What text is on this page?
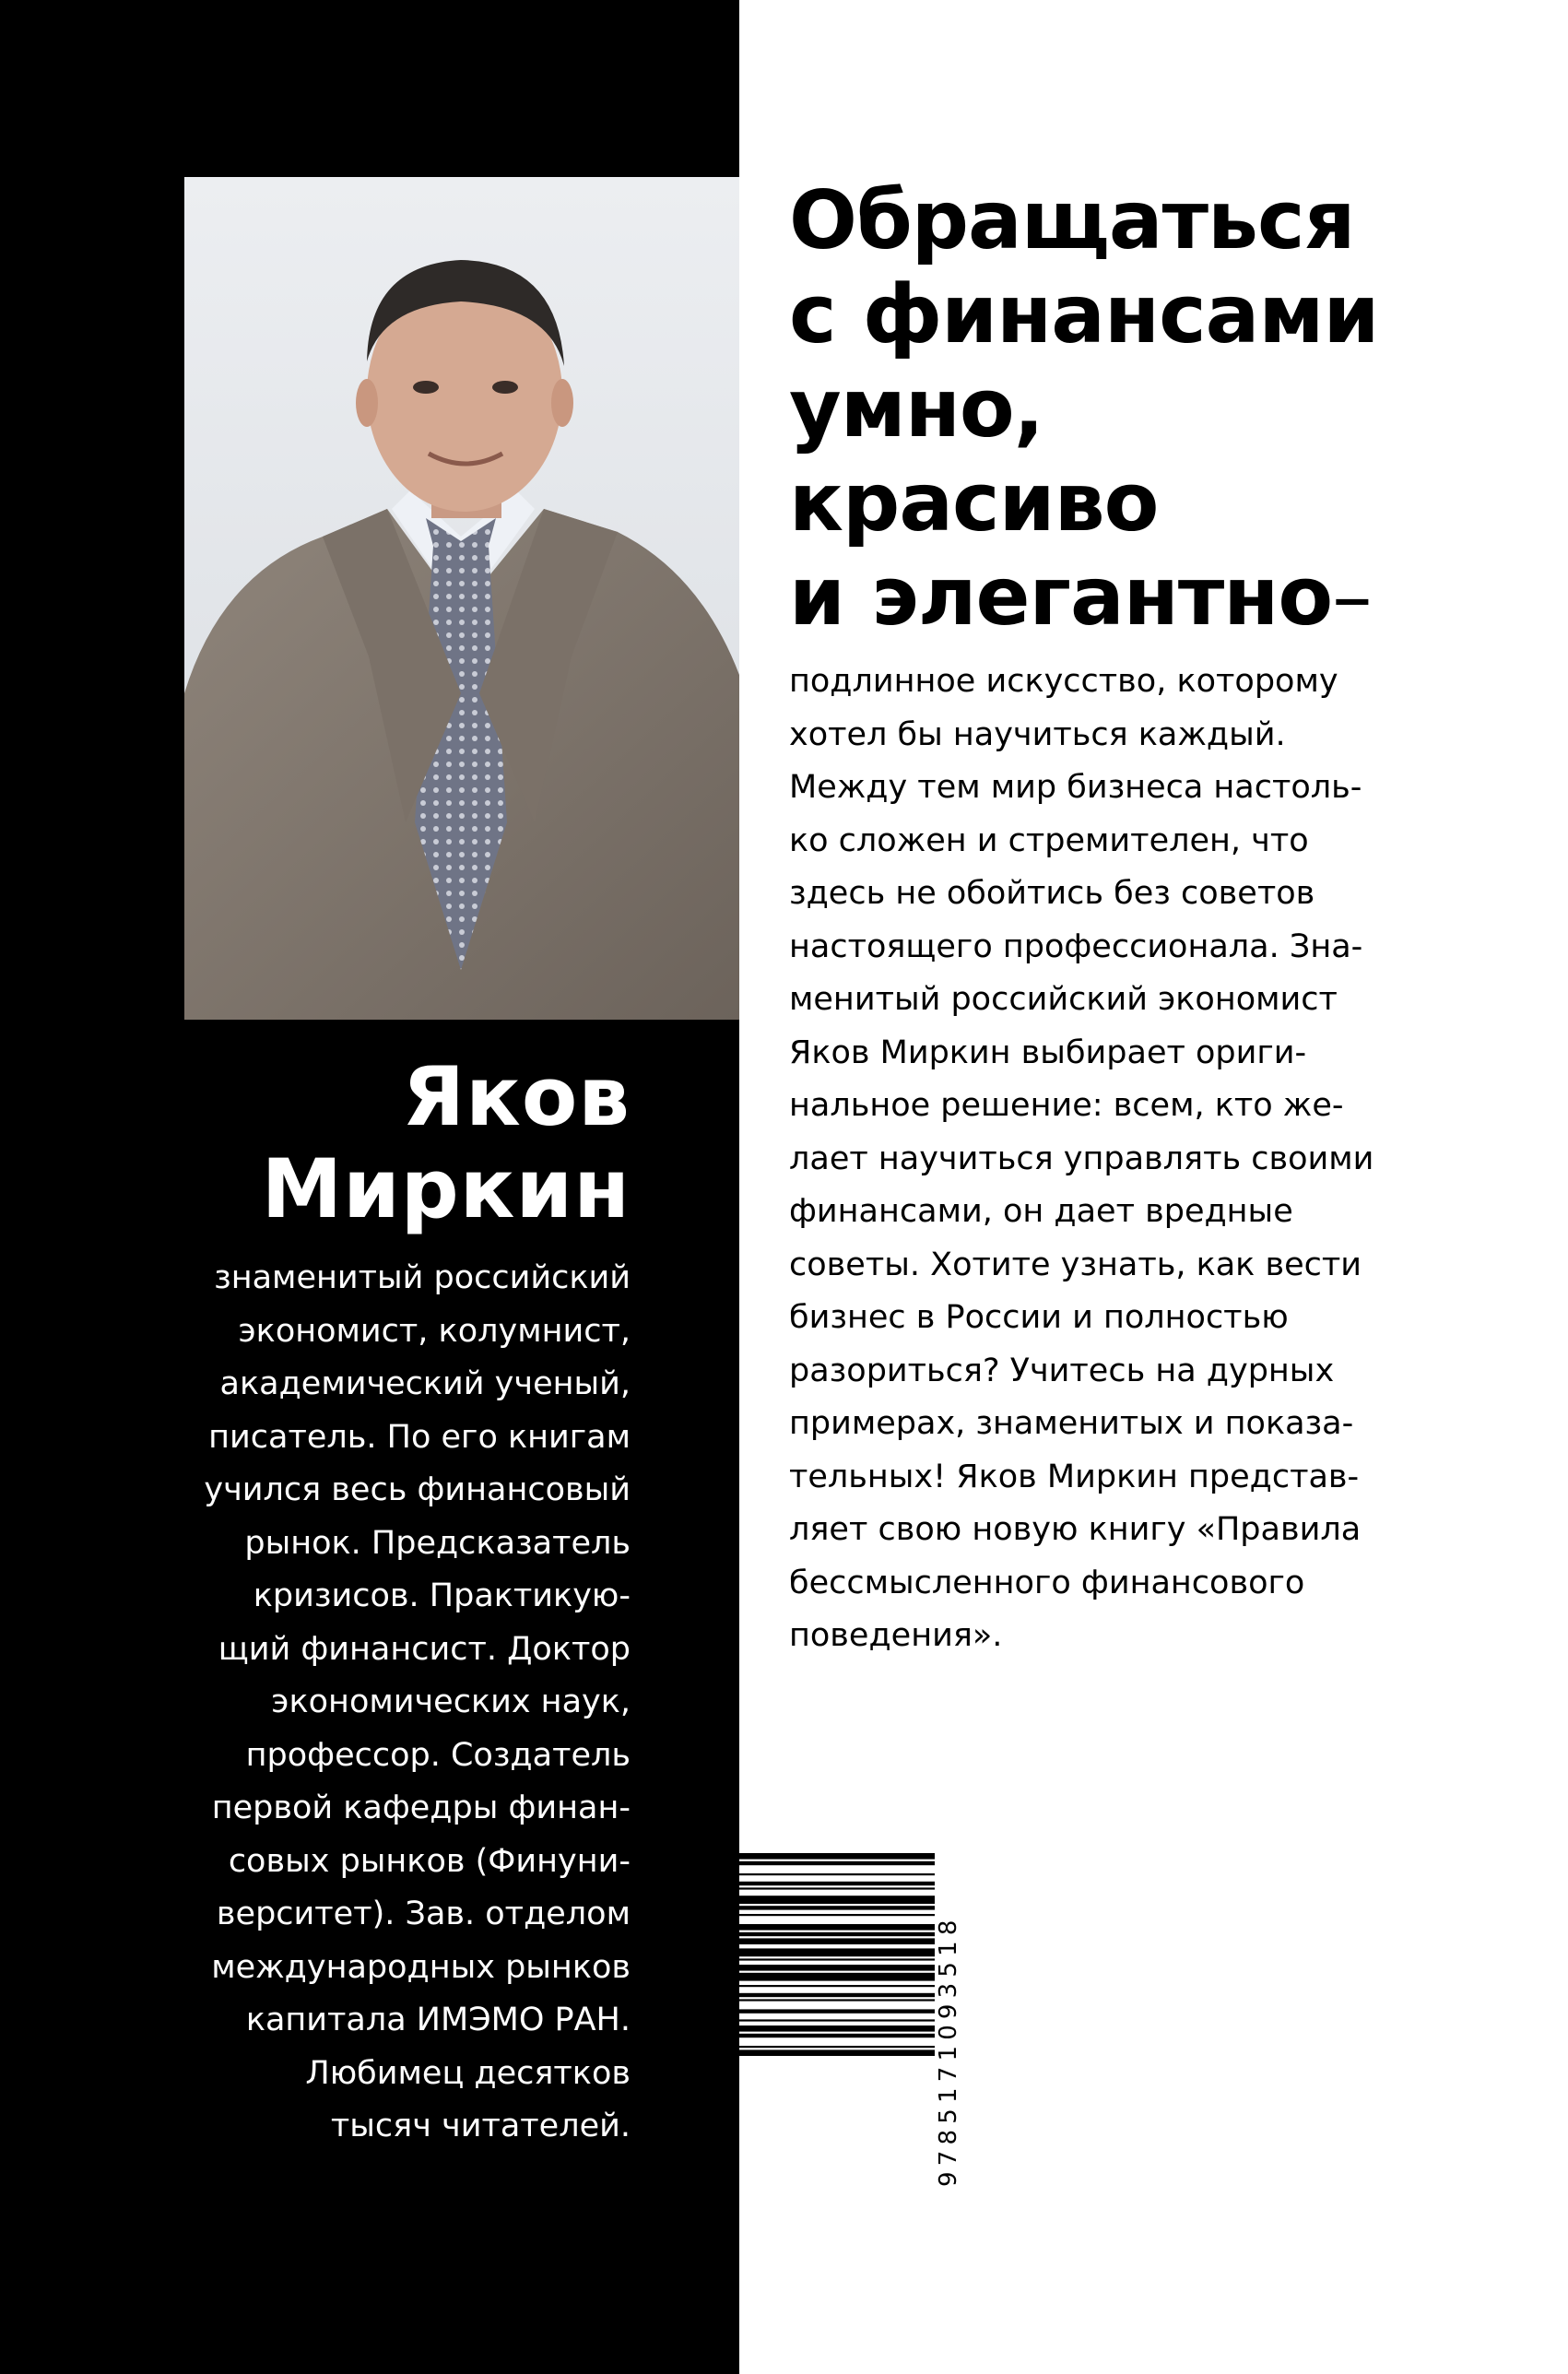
Яков
Миркин
знаменитый российский
экономист, колумнист,
академический ученый,
писатель. По его книгам
учился весь финансовый
рынок. Предсказатель
кризисов. Практикую-
щий финансист. Доктор
экономических наук,
профессор. Создатель
первой кафедры финан-
совых рынков (Финуни-
верситет). Зав. отделом
международных рынков
капитала ИМЭМО РАН.
Любимец десятков
тысяч читателей.
Обращаться
с финансами
умно,
красиво
и элегантно–
подлинное искусство, которому
хотел бы научиться каждый.
Между тем мир бизнеса настоль-
ко сложен и стремителен, что
здесь не обойтись без советов
настоящего профессионала. Зна-
менитый российский экономист
Яков Миркин выбирает ориги-
нальное решение: всем, кто же-
лает научиться управлять своими
финансами, он дает вредные
советы. Хотите узнать, как вести
бизнес в России и полностью
разориться? Учитесь на дурных
примерах, знаменитых и показа-
тельных! Яков Миркин представ-
ляет свою новую книгу «Правила
бессмысленного финансового
поведения».
9785171093518
